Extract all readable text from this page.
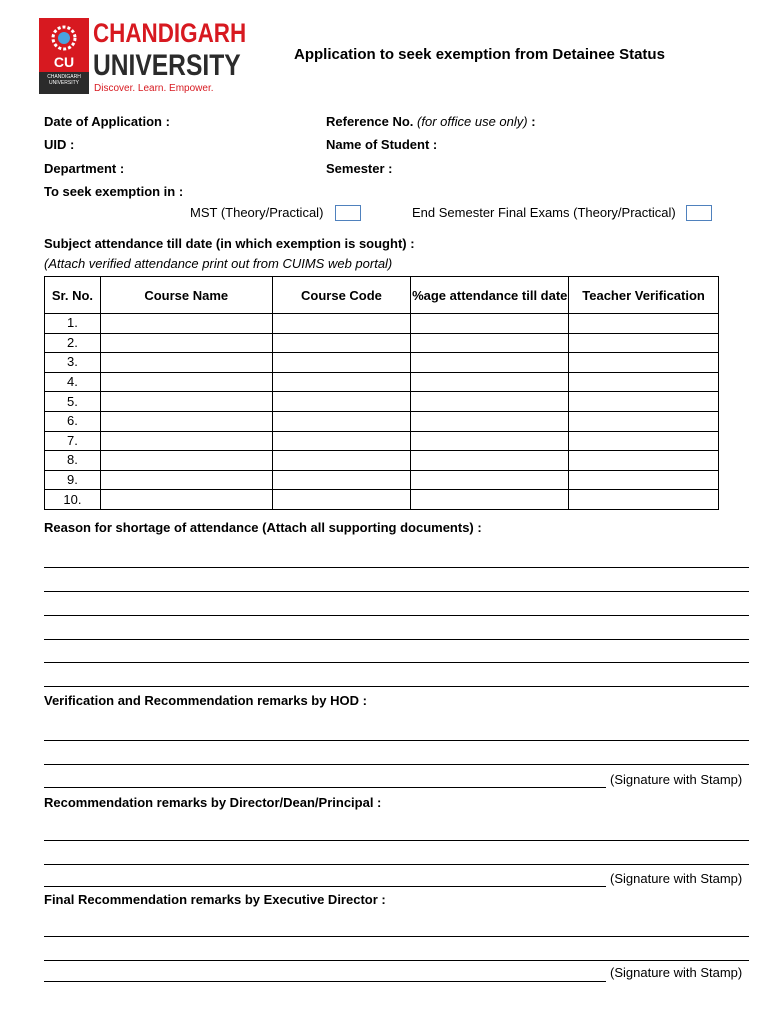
CU
CHANDIGARH UNIVERSITY
CHANDIGARH
UNIVERSITY
Discover. Learn. Empower.
Application to seek exemption from Detainee Status
Date of Application :	Reference No. (for office use only) :
UID :	Name of Student :
Department :	Semester :
To seek exemption in :
MST (Theory/Practical)	End Semester Final Exams (Theory/Practical)
Subject attendance till date (in which exemption is sought) :
(Attach verified attendance print out from CUIMS web portal)
Sr. No.	Course Name	Course Code	%age attendance till date	Teacher Verification
1.				
2.				
3.				
4.				
5.				
6.				
7.				
8.				
9.				
10.				
Reason for shortage of attendance (Attach all supporting documents) :
Verification and Recommendation remarks by HOD :
(Signature with Stamp)
Recommendation remarks by Director/Dean/Principal :
(Signature with Stamp)
Final Recommendation remarks by Executive Director :
(Signature with Stamp)
